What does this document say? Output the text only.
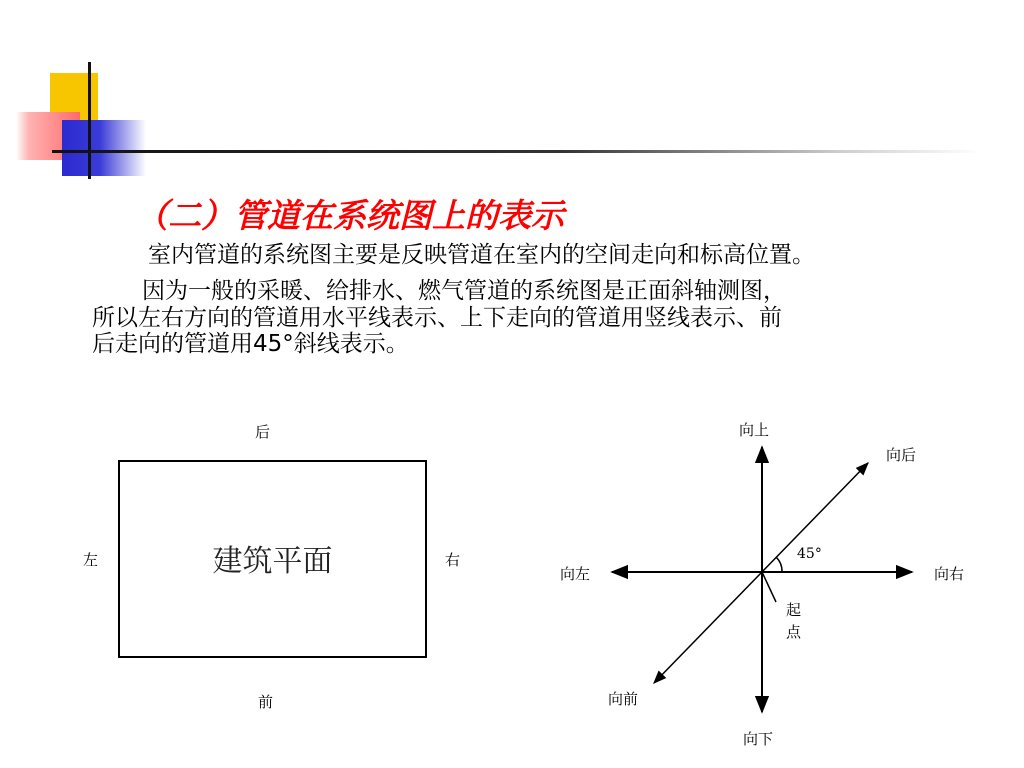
（二）管道在系统图上的表示
室内管道的系统图主要是反映管道在室内的空间走向和标高位置。
因为一般的采暖、给排水、燃气管道的系统图是正面斜轴测图，
所以左右方向的管道用水平线表示、上下走向的管道用竖线表示、前
后走向的管道用45°斜线表示。
建筑平面
后
前
左	右
向上
向下
向左	向右
向后
向前
45°
起
点
